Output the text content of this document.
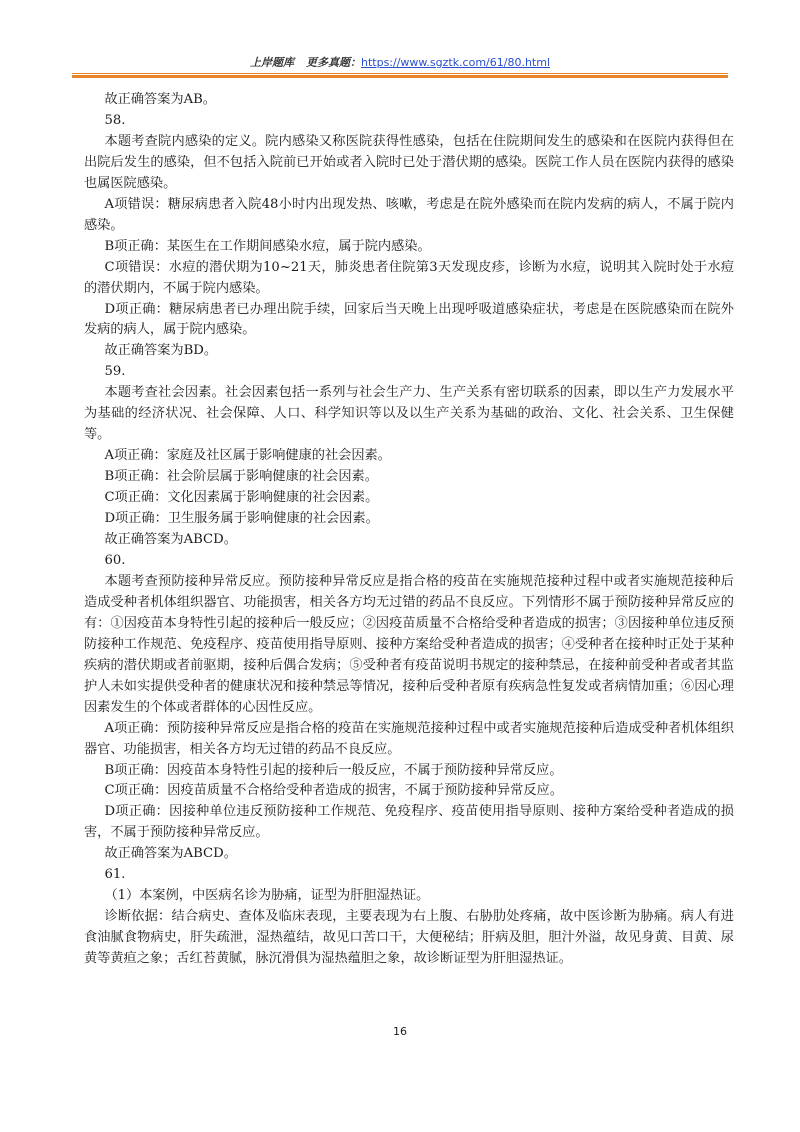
上岸题库 更多真题：https://www.sgztk.com/61/80.html

故正确答案为AB。

58.

本题考查院内感染的定义。院内感染又称医院获得性感染，包括在住院期间发生的感染和在医院内获得但在出院后发生的感染，但不包括入院前已开始或者入院时已处于潜伏期的感染。医院工作人员在医院内获得的感染也属医院感染。

A项错误：糖尿病患者入院48小时内出现发热、咳嗽，考虑是在院外感染而在院内发病的病人，不属于院内感染。

B项正确：某医生在工作期间感染水痘，属于院内感染。

C项错误：水痘的潜伏期为10~21天，肺炎患者住院第3天发现皮疹，诊断为水痘，说明其入院时处于水痘的潜伏期内，不属于院内感染。

D项正确：糖尿病患者已办理出院手续，回家后当天晚上出现呼吸道感染症状，考虑是在医院感染而在院外发病的病人，属于院内感染。

故正确答案为BD。

59.

本题考查社会因素。社会因素包括一系列与社会生产力、生产关系有密切联系的因素，即以生产力发展水平为基础的经济状况、社会保障、人口、科学知识等以及以生产关系为基础的政治、文化、社会关系、卫生保健等。

A项正确：家庭及社区属于影响健康的社会因素。

B项正确：社会阶层属于影响健康的社会因素。

C项正确：文化因素属于影响健康的社会因素。

D项正确：卫生服务属于影响健康的社会因素。

故正确答案为ABCD。

60.

本题考查预防接种异常反应。预防接种异常反应是指合格的疫苗在实施规范接种过程中或者实施规范接种后造成受种者机体组织器官、功能损害，相关各方均无过错的药品不良反应。下列情形不属于预防接种异常反应的有：①因疫苗本身特性引起的接种后一般反应；②因疫苗质量不合格给受种者造成的损害；③因接种单位违反预防接种工作规范、免疫程序、疫苗使用指导原则、接种方案给受种者造成的损害；④受种者在接种时正处于某种疾病的潜伏期或者前驱期，接种后偶合发病；⑤受种者有疫苗说明书规定的接种禁忌，在接种前受种者或者其监护人未如实提供受种者的健康状况和接种禁忌等情况，接种后受种者原有疾病急性复发或者病情加重；⑥因心理因素发生的个体或者群体的心因性反应。

A项正确：预防接种异常反应是指合格的疫苗在实施规范接种过程中或者实施规范接种后造成受种者机体组织器官、功能损害，相关各方均无过错的药品不良反应。

B项正确：因疫苗本身特性引起的接种后一般反应，不属于预防接种异常反应。

C项正确：因疫苗质量不合格给受种者造成的损害，不属于预防接种异常反应。

D项正确：因接种单位违反预防接种工作规范、免疫程序、疫苗使用指导原则、接种方案给受种者造成的损害，不属于预防接种异常反应。

故正确答案为ABCD。

61.

（1）本案例，中医病名诊为胁痛，证型为肝胆湿热证。

诊断依据：结合病史、查体及临床表现，主要表现为右上腹、右胁肋处疼痛，故中医诊断为胁痛。病人有进食油腻食物病史，肝失疏泄，湿热蕴结，故见口苦口干，大便秘结；肝病及胆，胆汁外溢，故见身黄、目黄、尿黄等黄疸之象；舌红苔黄腻，脉沉滑俱为湿热蕴胆之象，故诊断证型为肝胆湿热证。

16
